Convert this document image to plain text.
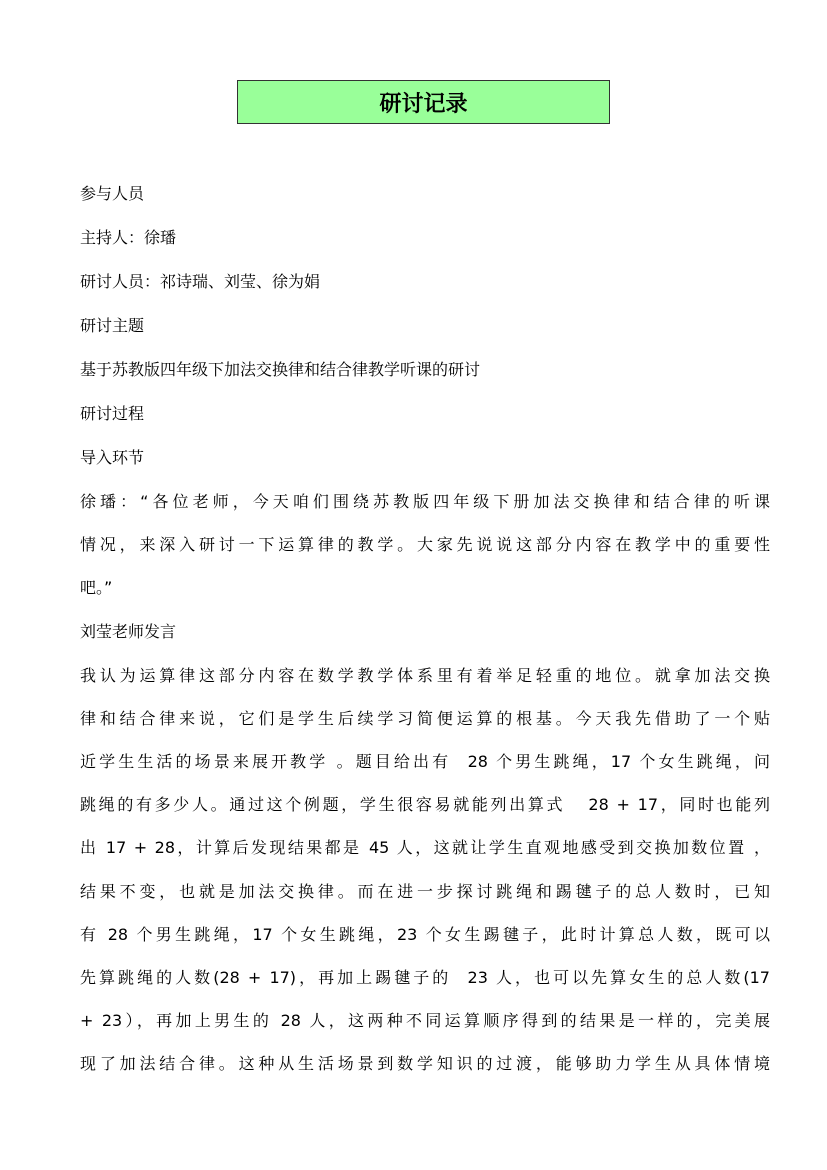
研讨记录
参与人员
主持人：徐璠
研讨人员：祁诗瑞、刘莹、徐为娟
研讨主题
基于苏教版四年级下加法交换律和结合律教学听课的研讨
研讨过程
导入环节
徐璠：“各位老师，今天咱们围绕苏教版四年级下册加法交换律和结合律的听课
情况，来深入研讨一下运算律的教学。大家先说说这部分内容在教学中的重要性
吧。”
刘莹老师发言
我认为运算律这部分内容在数学教学体系里有着举足轻重的地位。就拿加法交换
律和结合律来说，它们是学生后续学习简便运算的根基。今天我先借助了一个贴
近学生生活的场景来展开教学 。题目给出有  28 个男生跳绳，17 个女生跳绳，问
跳绳的有多少人。通过这个例题，学生很容易就能列出算式   28 + 17，同时也能列
出 17 + 28，计算后发现结果都是 45 人，这就让学生直观地感受到交换加数位置 ，
结果不变，也就是加法交换律。而在进一步探讨跳绳和踢毽子的总人数时，已知
有 28 个男生跳绳，17 个女生跳绳，23 个女生踢毽子，此时计算总人数，既可以
先算跳绳的人数(28 + 17)，再加上踢毽子的  23 人，也可以先算女生的总人数(17
+ 23），再加上男生的 28 人，这两种不同运算顺序得到的结果是一样的，完美展
现了加法结合律。这种从生活场景到数学知识的过渡，能够助力学生从具体情境
